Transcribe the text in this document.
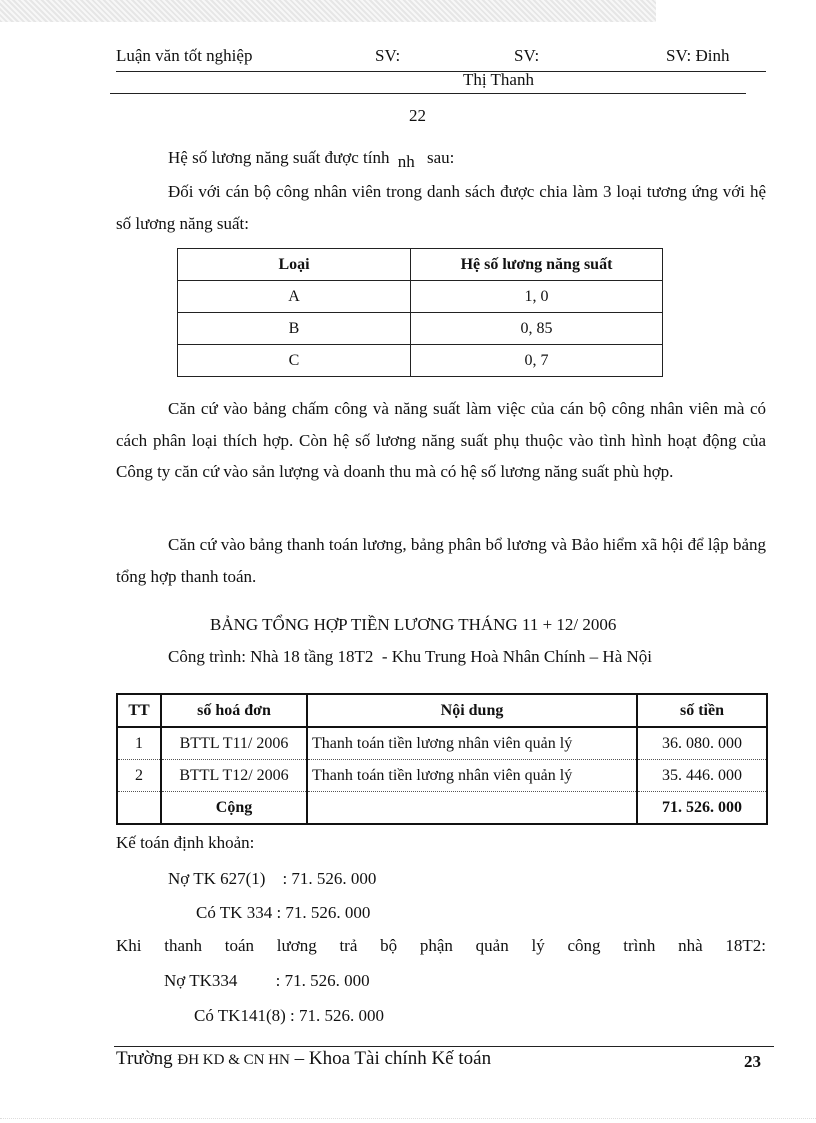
Luận văn tốt nghiệp	SV:	SV:	SV: Đinh
Thị Thanh
22
Hệ số lương năng suất được tính nh sau:

Đối với cán bộ công nhân viên trong danh sách được chia làm 3 loại tương ứng với hệ số lương năng suất:

Loại	Hệ số lương năng suất
A	1, 0
B	0, 85
C	0, 7

Căn cứ vào bảng chấm công và năng suất làm việc của cán bộ công nhân viên mà có cách phân loại thích hợp. Còn hệ số lương năng suất phụ thuộc vào tình hình hoạt động của Công ty căn cứ vào sản lượng và doanh thu mà có hệ số lương năng suất phù hợp.

Căn cứ vào bảng thanh toán lương, bảng phân bổ lương và Bảo hiểm xã hội để lập bảng tổng hợp thanh toán.

BẢNG TỔNG HỢP TIỀN LƯƠNG THÁNG 11 + 12/ 2006
Công trình: Nhà 18 tầng 18T2  - Khu Trung Hoà Nhân Chính – Hà Nội
TT	số hoá đơn	Nội dung	số tiền
1	BTTL T11/ 2006	Thanh toán tiền lương nhân viên quản lý	36. 080. 000
2	BTTL T12/ 2006	Thanh toán tiền lương nhân viên quản lý	35. 446. 000
	Cộng		71. 526. 000
Kế toán định khoản:
Nợ TK 627(1)    : 71. 526. 000
Có TK 334 : 71. 526. 000
Khi thanh toán lương trả bộ phận quản lý công trình nhà 18T2:
Nợ TK334         : 71. 526. 000
Có TK141(8) : 71. 526. 000
Trường ĐH KD & CN HN – Khoa Tài chính Kế toán	23
